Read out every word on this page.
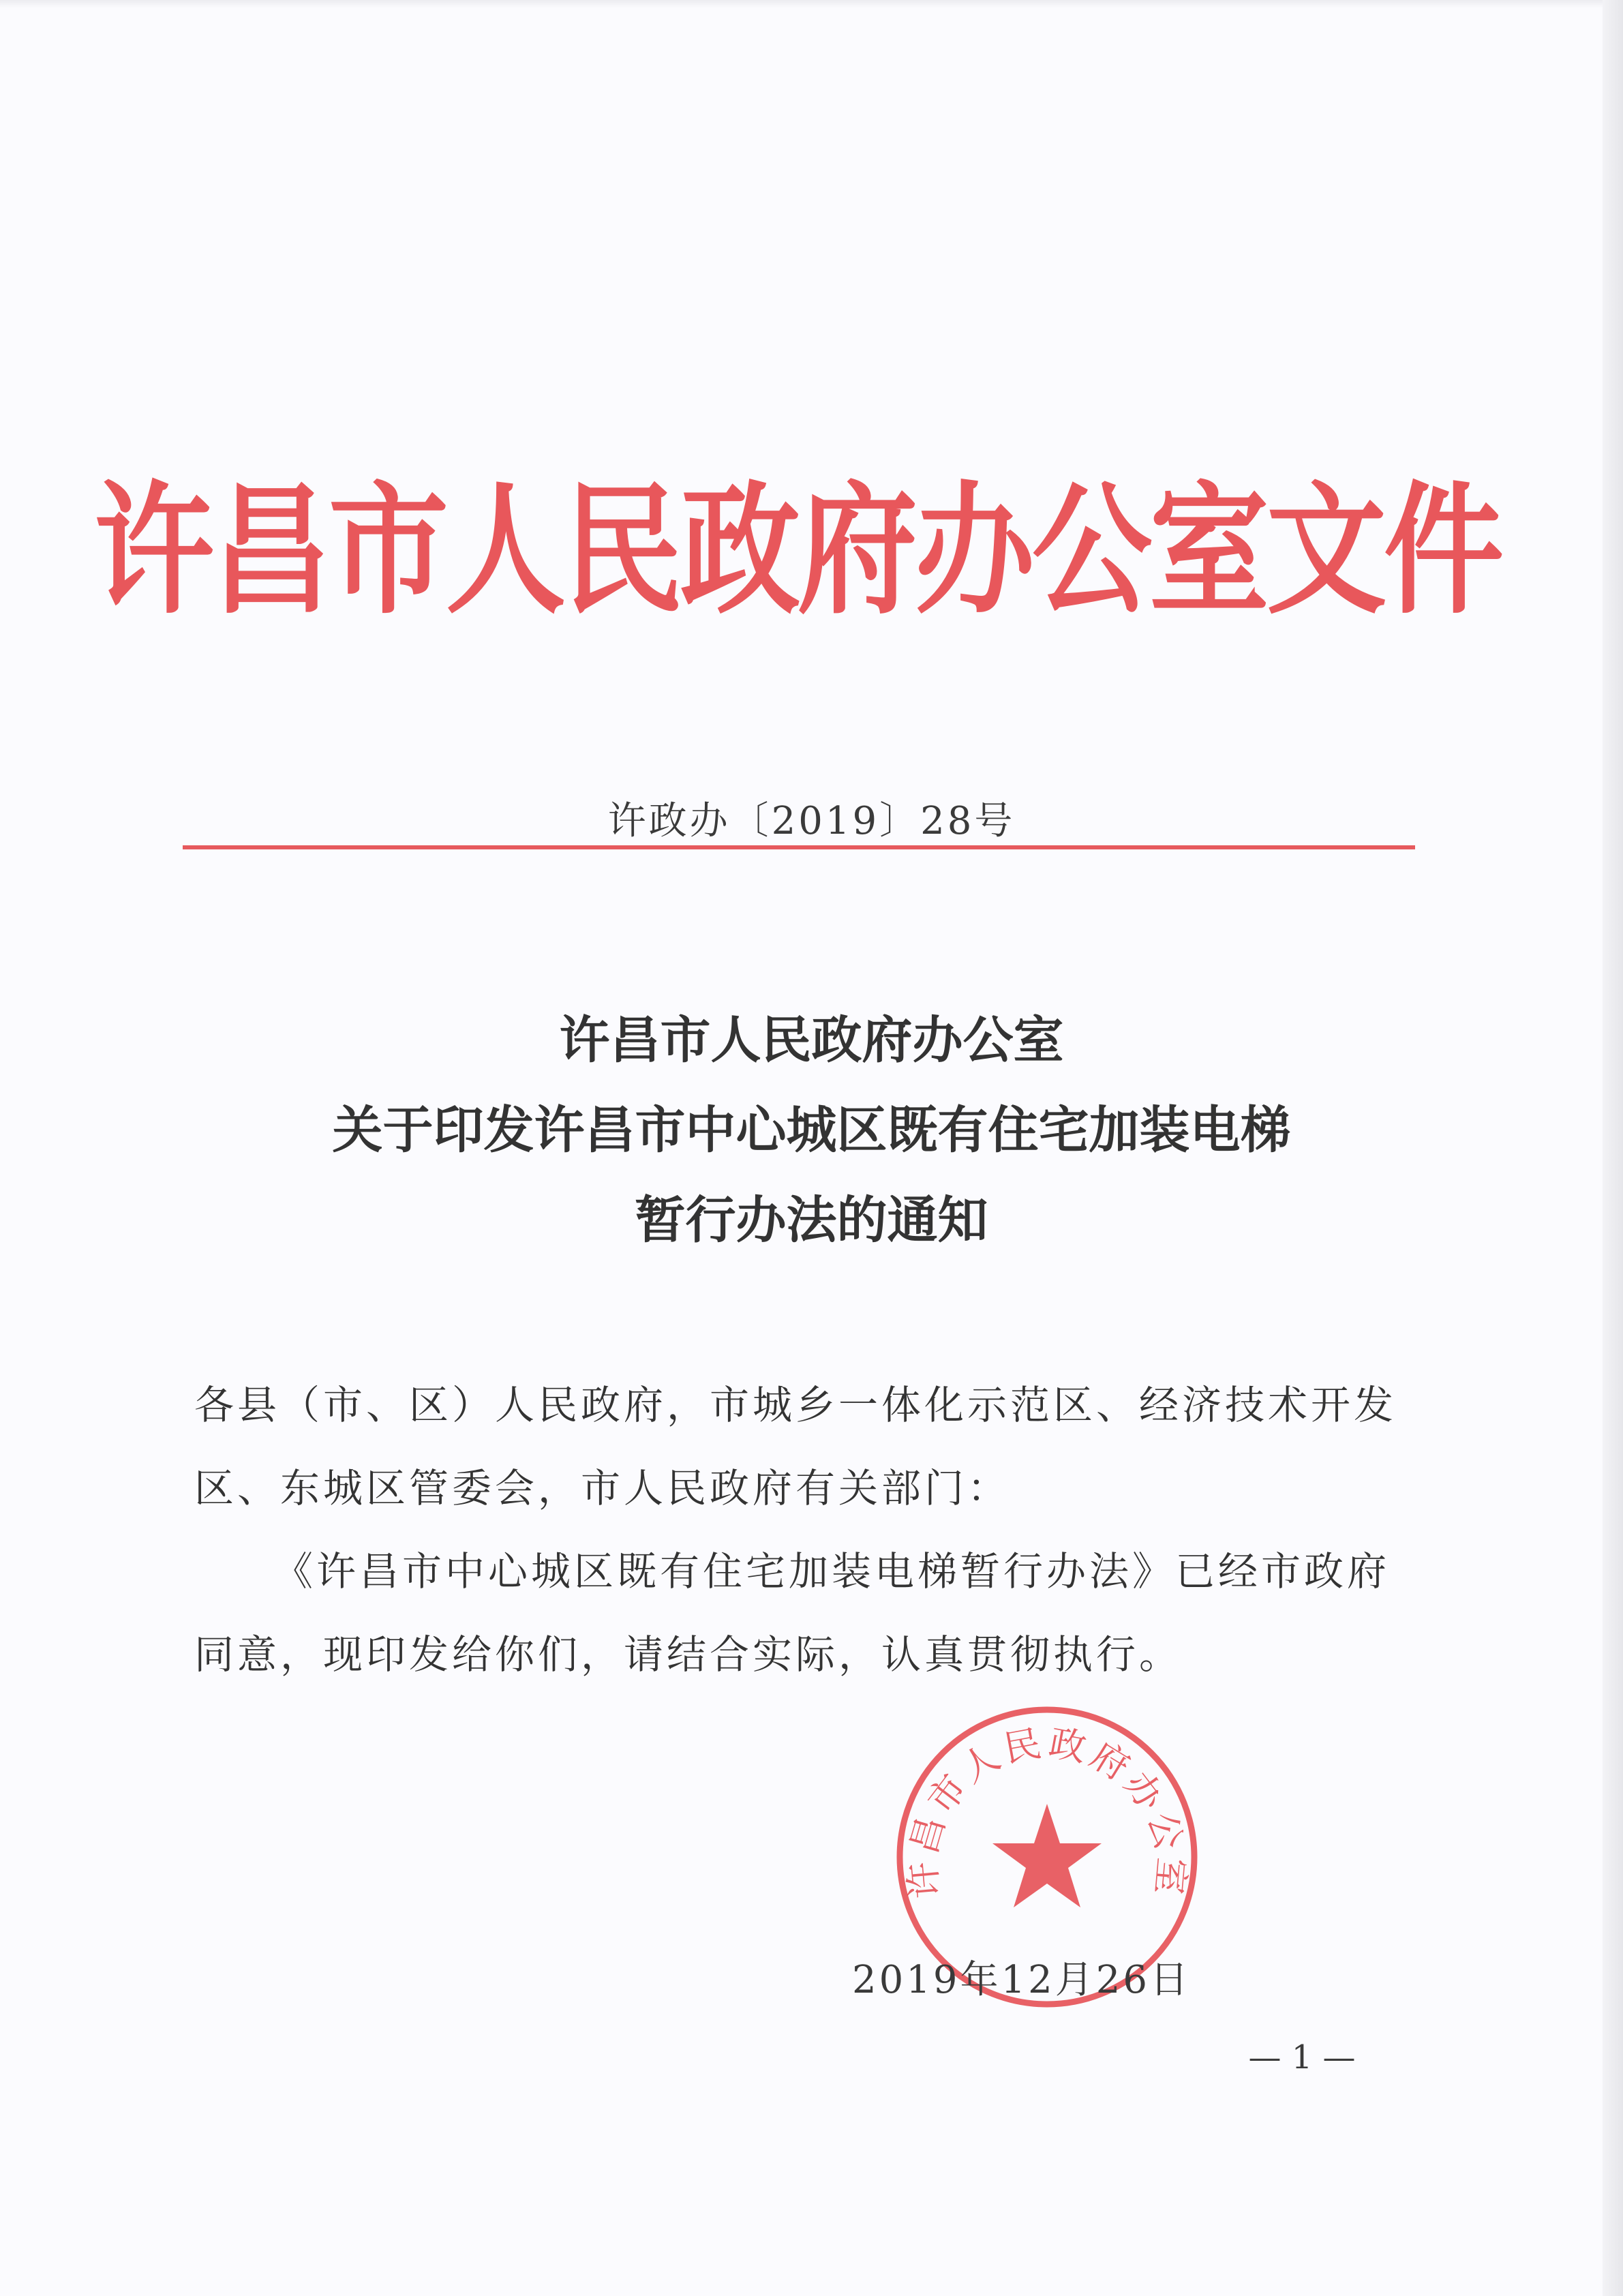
许昌市人民政府办公室文件
许政办〔2019〕28号
许昌市人民政府办公室
关于印发许昌市中心城区既有住宅加装电梯
暂行办法的通知

各县（市、区）人民政府，市城乡一体化示范区、经济技术开发区、东城区管委会，市人民政府有关部门：

《许昌市中心城区既有住宅加装电梯暂行办法》已经市政府同意，现印发给你们，请结合实际，认真贯彻执行。

许昌市人民政府办公室
2019年12月26日
— 1 —
